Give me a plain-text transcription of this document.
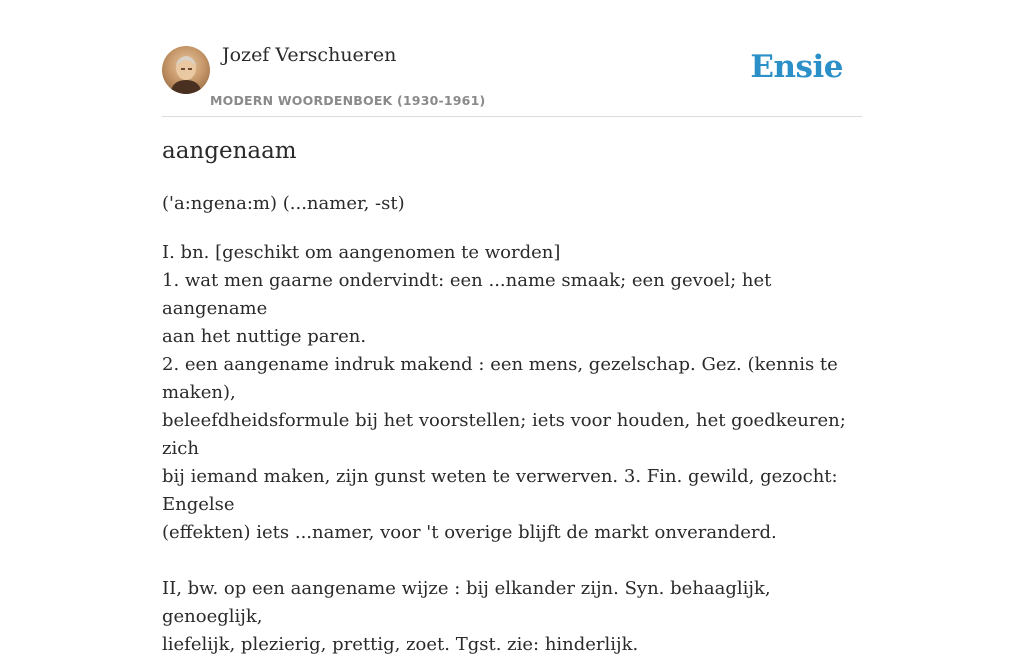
Jozef Verschueren
MODERN WOORDENBOEK (1930-1961)
Ensie
aangenaam

('a:ngena:m) (...namer, -st)

I. bn. [geschikt om aangenomen te worden]

1. wat men gaarne ondervindt: een ...name smaak; een gevoel; het aangename

aan het nuttige paren.

2. een aangename indruk makend : een mens, gezelschap. Gez. (kennis te maken),

beleefdheidsformule bij het voorstellen; iets voor houden, het goedkeuren; zich

bij iemand maken, zijn gunst weten te verwerven. 3. Fin. gewild, gezocht: Engelse

(effekten) iets ...namer, voor 't overige blijft de markt onveranderd.

II, bw. op een aangename wijze : bij elkander zijn. Syn. behaaglijk, genoeglijk,

liefelijk, plezierig, prettig, zoet. Tgst. zie: hinderlijk.
